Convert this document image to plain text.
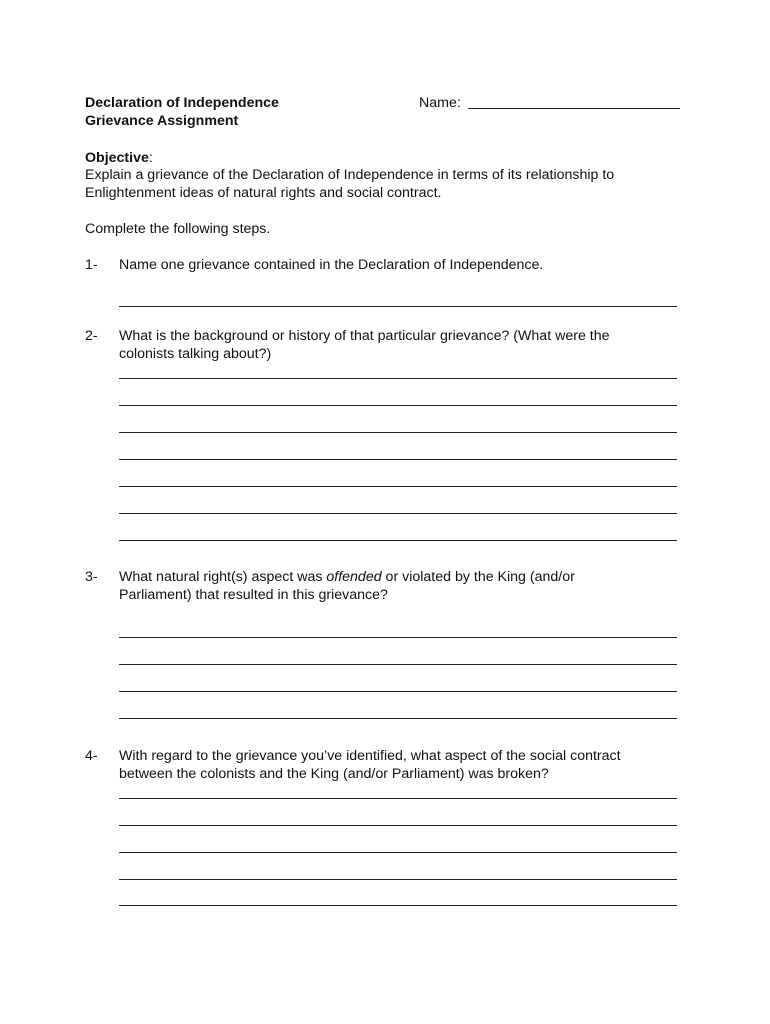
Declaration of Independence
Grievance Assignment
Name:
Objective:
Explain a grievance of the Declaration of Independence in terms of its relationship to
Enlightenment ideas of natural rights and social contract.
Complete the following steps.
1- Name one grievance contained in the Declaration of Independence.
2- What is the background or history of that particular grievance? (What were the
colonists talking about?)
3- What natural right(s) aspect was offended or violated by the King (and/or
Parliament) that resulted in this grievance?
4- With regard to the grievance you’ve identified, what aspect of the social contract
between the colonists and the King (and/or Parliament) was broken?
